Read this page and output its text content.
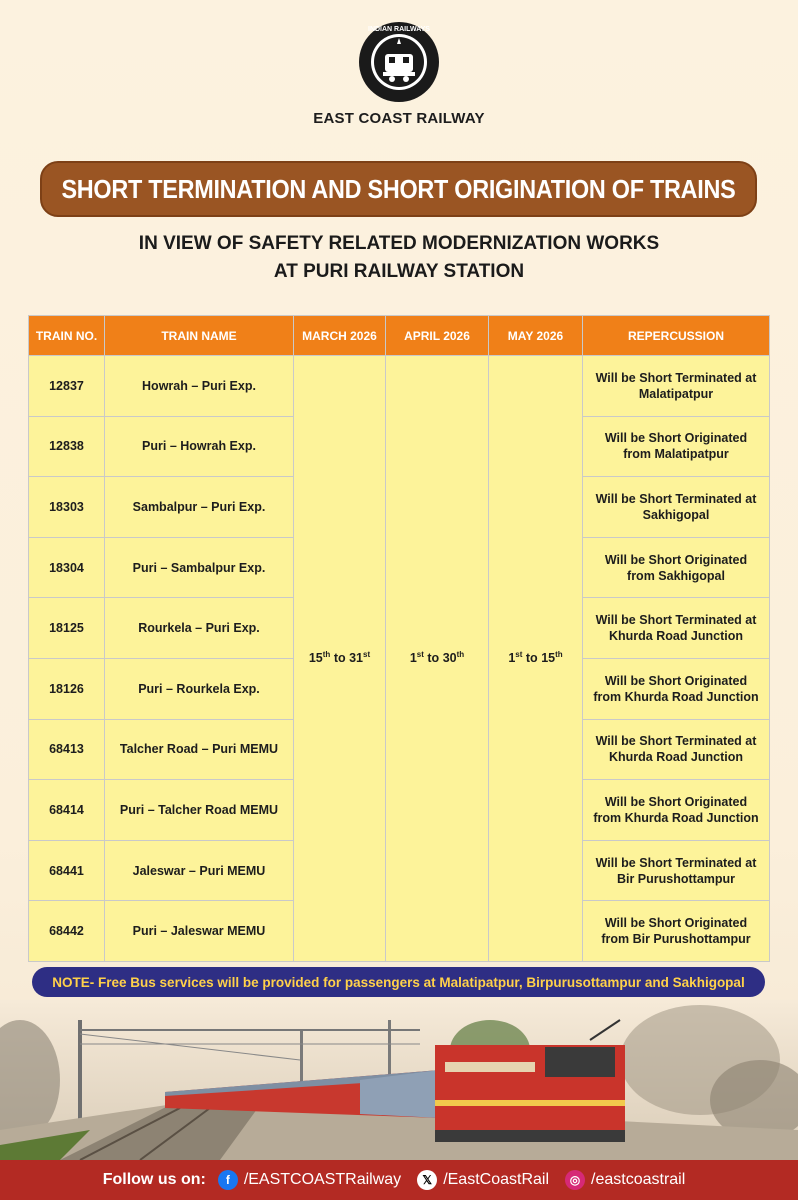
INDIAN RAILWAYS
EAST COAST RAILWAY
SHORT TERMINATION AND SHORT ORIGINATION OF TRAINS
IN VIEW OF SAFETY RELATED MODERNIZATION WORKS
AT PURI RAILWAY STATION
TRAIN NO.	TRAIN NAME	MARCH 2026	APRIL 2026	MAY 2026	REPERCUSSION
12837	Howrah – Puri Exp.	15th to 31st	1st to 30th	1st to 15th	Will be Short Terminated at
Malatipatpur
12838	Puri – Howrah Exp.				Will be Short Originated
from Malatipatpur
18303	Sambalpur – Puri Exp.				Will be Short Terminated at
Sakhigopal
18304	Puri – Sambalpur Exp.				Will be Short Originated
from Sakhigopal
18125	Rourkela – Puri Exp.				Will be Short Terminated at
Khurda Road Junction
18126	Puri – Rourkela Exp.				Will be Short Originated
from Khurda Road Junction
68413	Talcher Road – Puri MEMU				Will be Short Terminated at
Khurda Road Junction
68414	Puri – Talcher Road MEMU				Will be Short Originated
from Khurda Road Junction
68441	Jaleswar – Puri MEMU				Will be Short Terminated at
Bir Purushottampur
68442	Puri – Jaleswar MEMU				Will be Short Originated
from Bir Purushottampur
NOTE- Free Bus services will be provided for passengers at Malatipatpur, Birpurusottampur and Sakhigopal
Follow us on:	f /EASTCOASTRailway	𝕏 /EastCoastRail	◎ /eastcoastrail
